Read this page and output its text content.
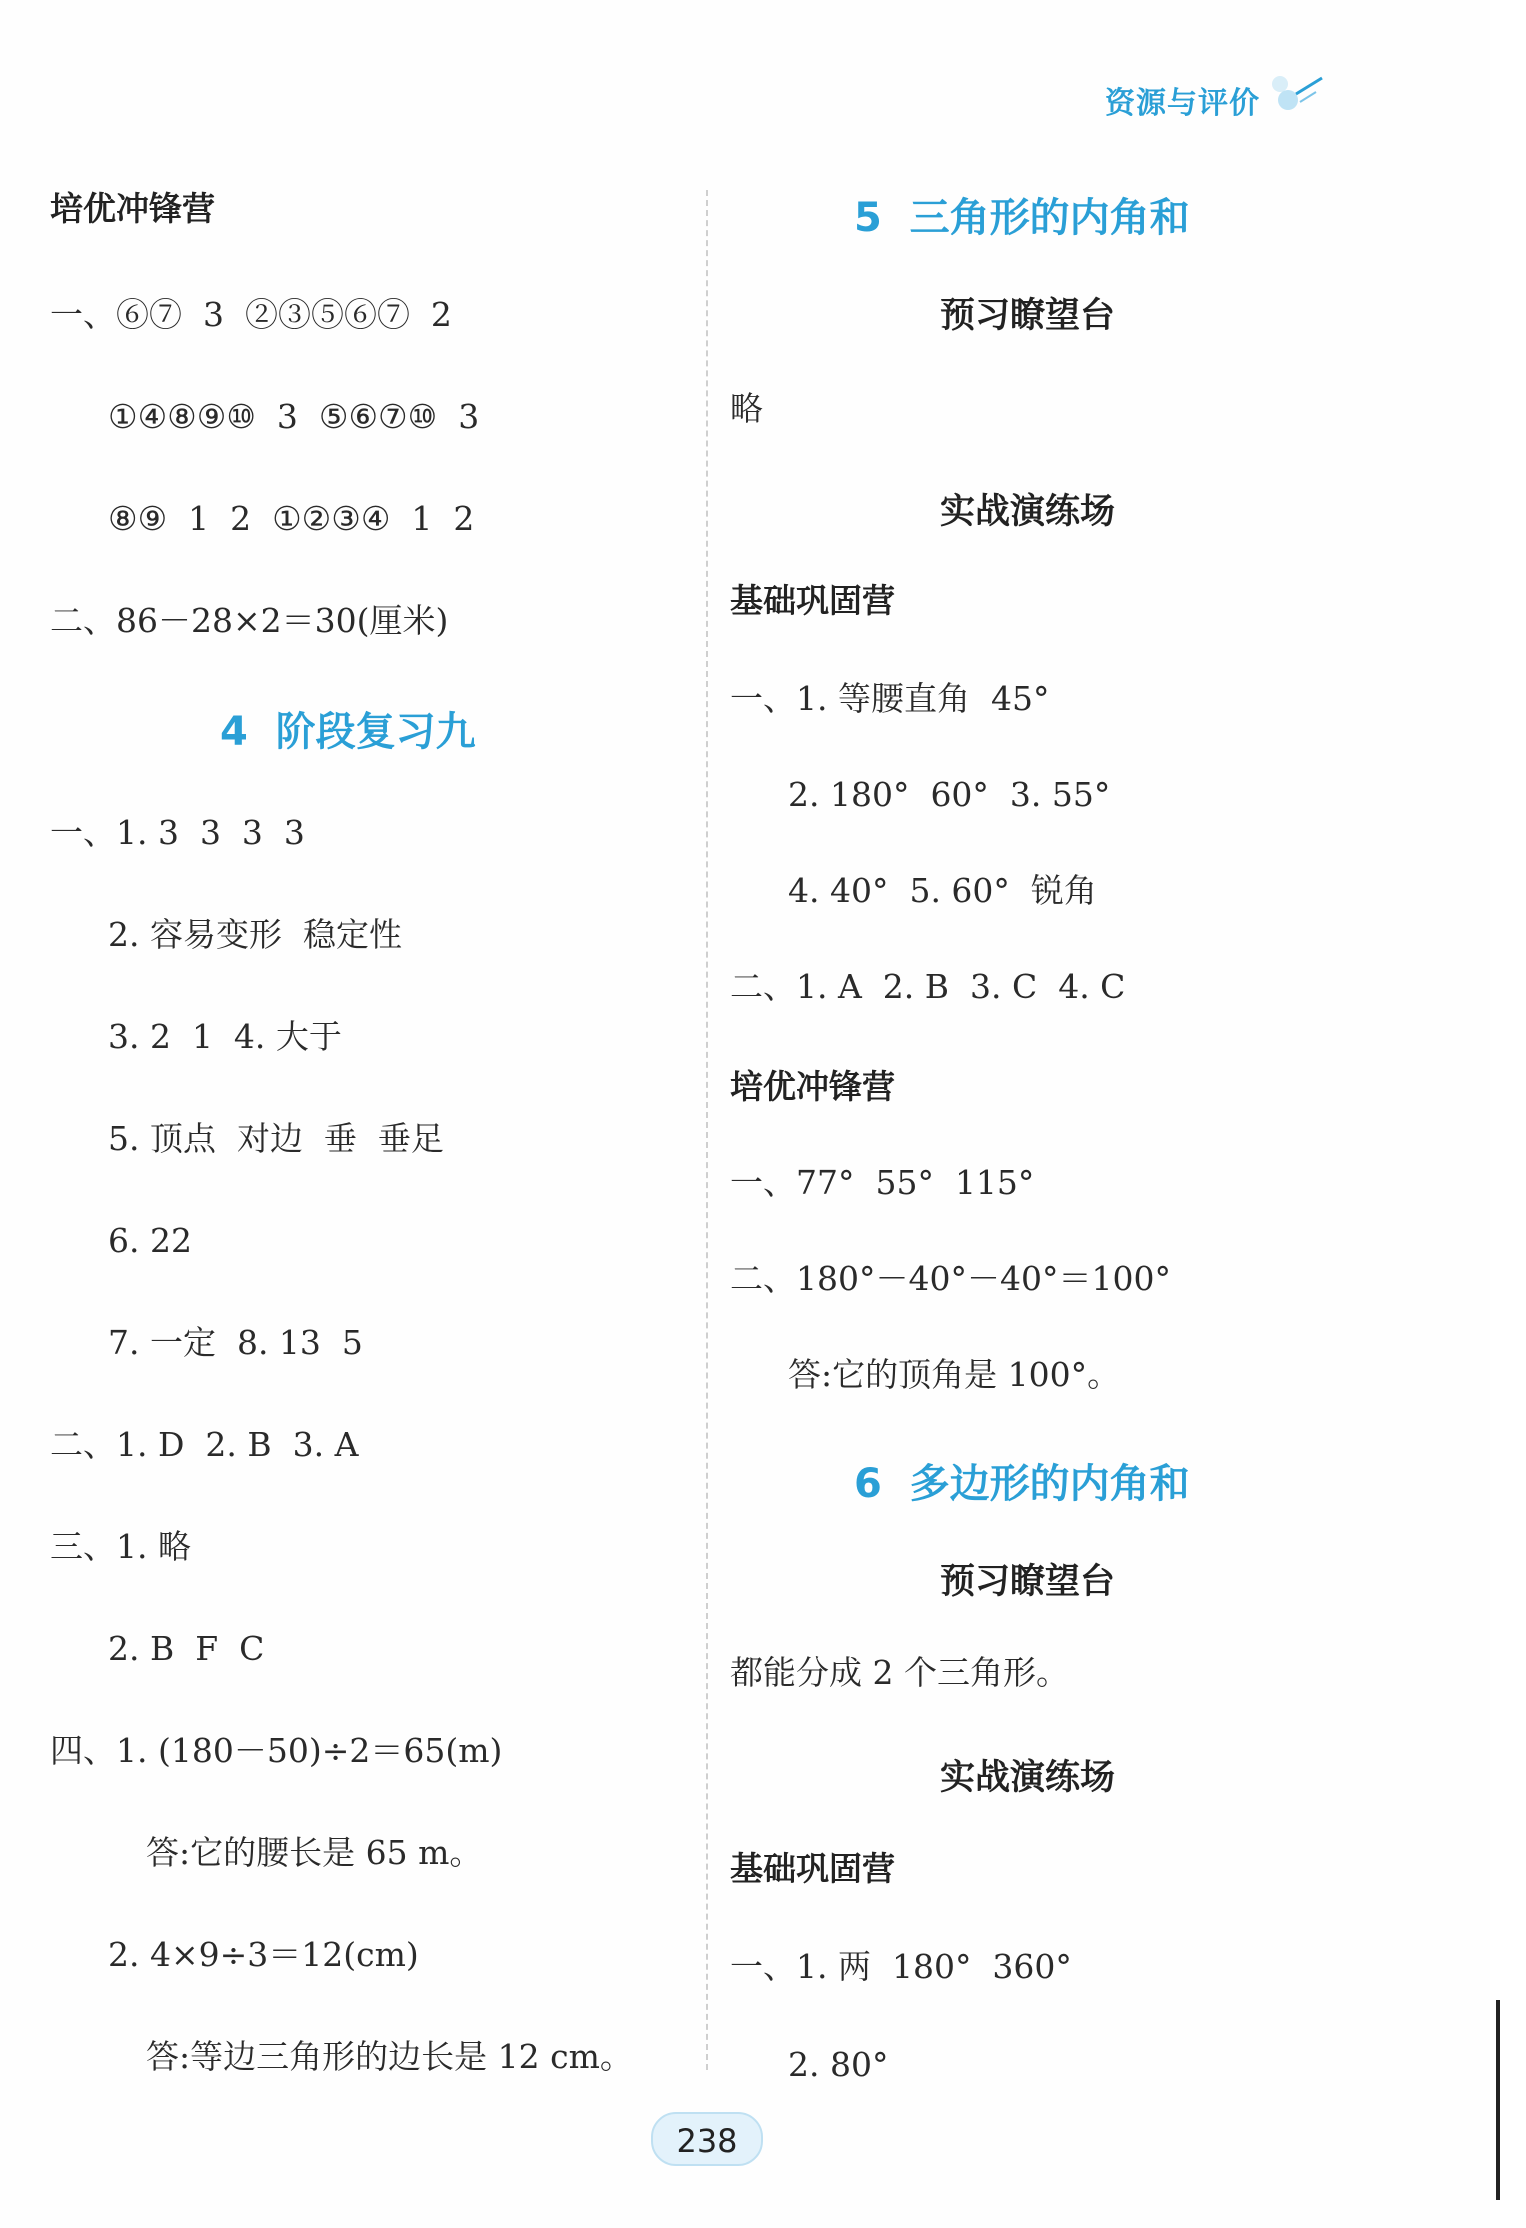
资源与评价
培优冲锋营
一、⑥⑦  3  ②③⑤⑥⑦  2
①④⑧⑨⑩  3  ⑤⑥⑦⑩  3
⑧⑨  1  2  ①②③④  1  2
二、86－28×2＝30(厘米)
4  阶段复习九
一、1. 3  3  3  3
2. 容易变形  稳定性
3. 2  1  4. 大于
5. 顶点  对边  垂  垂足
6. 22
7. 一定  8. 13  5
二、1. D  2. B  3. A
三、1. 略
2. B  F  C
四、1. (180－50)÷2＝65(m)
答:它的腰长是 65 m。
2. 4×9÷3＝12(cm)
答:等边三角形的边长是 12 cm。
5  三角形的内角和
预习瞭望台
略
实战演练场
基础巩固营
一、1. 等腰直角  45°
2. 180°  60°  3. 55°
4. 40°  5. 60°  锐角
二、1. A  2. B  3. C  4. C
培优冲锋营
一、77°  55°  115°
二、180°－40°－40°＝100°
答:它的顶角是 100°。
6  多边形的内角和
预习瞭望台
都能分成 2 个三角形。
实战演练场
基础巩固营
一、1. 两  180°  360°
2. 80°
238
